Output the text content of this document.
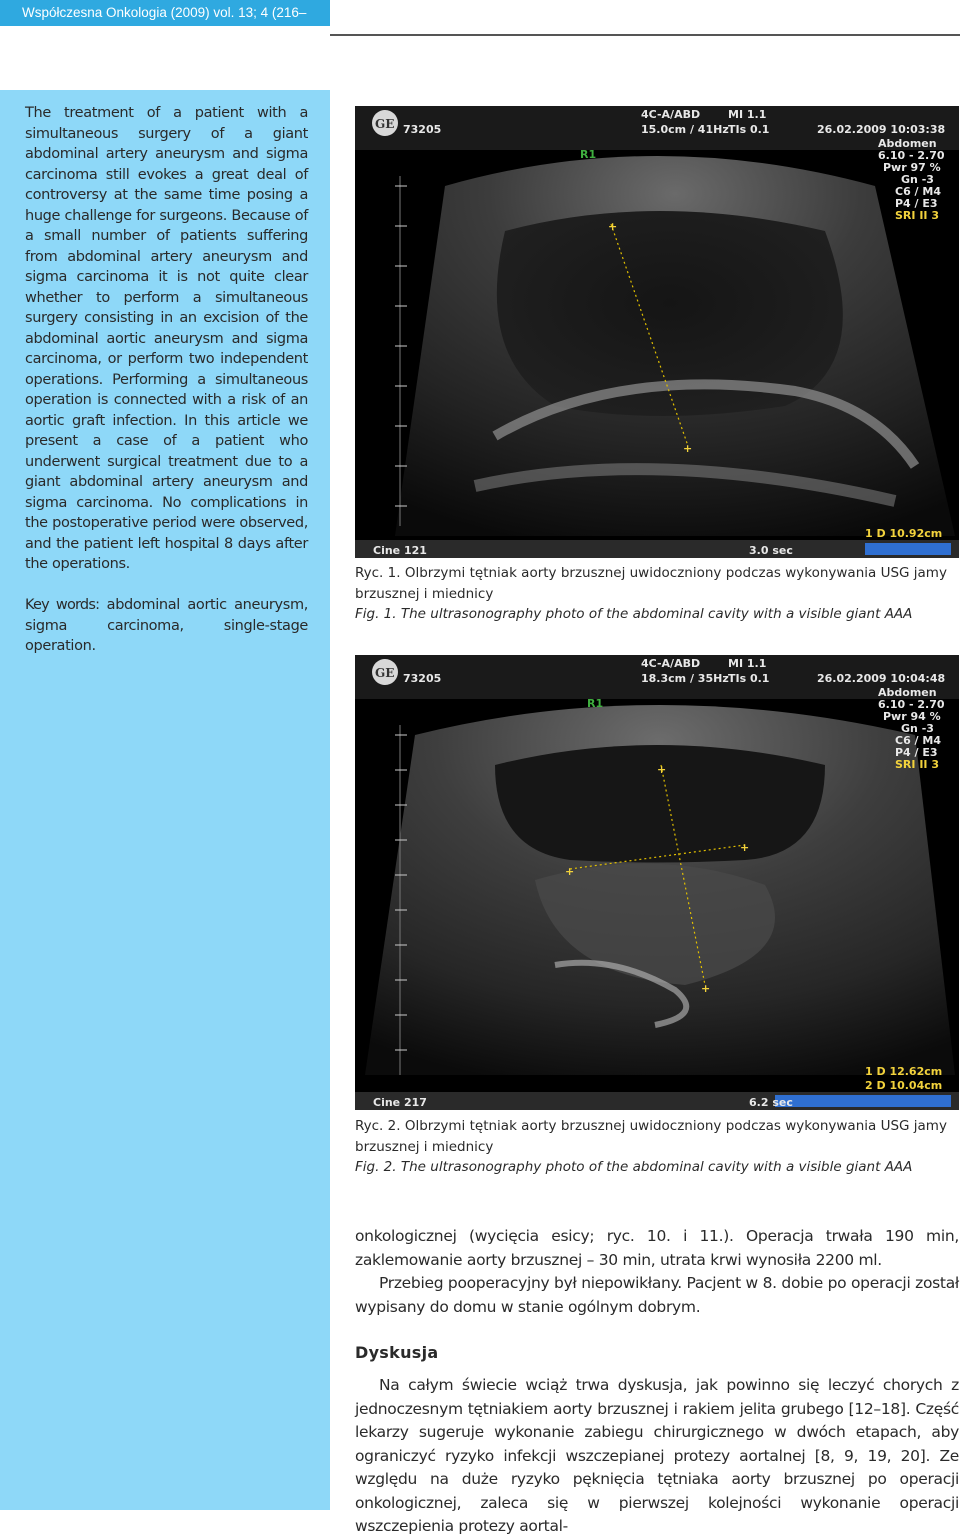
Współczesna Onkologia (2009) vol. 13; 4 (216–220)

The treatment of a patient with a simultaneous surgery of a giant abdominal artery aneurysm and sigma carcinoma still evokes a great deal of controversy at the same time posing a huge challenge for surgeons. Because of a small number of patients suffering from abdominal artery aneurysm and sigma carcinoma it is not quite clear whether to perform a simultaneous surgery consisting in an excision of the abdominal aortic aneurysm and sigma carcinoma, or perform two independent operations. Performing a simultaneous operation is connected with a risk of an aortic graft infection. In this article we present a case of a patient who underwent surgical treatment due to a giant abdominal artery aneurysm and sigma carcinoma. No complications in the postoperative period were observed, and the patient left hospital 8 days after the operations.

Key words: abdominal aortic aneurysm, sigma carcinoma, single-stage operation.

+
+
GE
4C-A/ABD	MI 1.1
73205	15.0cm / 41Hz TIs 0.1	26.02.2009 10:03:38
Abdomen
6.10 - 2.70
Pwr 97 %
Gn -3
C6 / M4
P4 / E3
SRI II 3
R1
1 D 10.92cm
Cine 121	3.0 sec

Ryc. 1. Olbrzymi tętniak aorty brzusznej uwidoczniony podczas wykonywania USG jamy brzusznej i miednicy
Fig. 1. The ultrasonography photo of the abdominal cavity with a visible giant AAA

+
+
+
+
GE
4C-A/ABD	MI 1.1
73205	18.3cm / 35Hz TIs 0.1	26.02.2009 10:04:48
Abdomen
6.10 - 2.70
Pwr 94 %
Gn -3
C6 / M4
P4 / E3
SRI II 3
R1
1 D 12.62cm
2 D 10.04cm
Cine 217	6.2 sec

Ryc. 2. Olbrzymi tętniak aorty brzusznej uwidoczniony podczas wykonywania USG jamy brzusznej i miednicy
Fig. 2. The ultrasonography photo of the abdominal cavity with a visible giant AAA

onkologicznej (wycięcia esicy; ryc. 10. i 11.). Operacja trwała 190 min, zaklemowanie aorty brzusznej – 30 min, utrata krwi wynosiła 2200 ml.

Przebieg pooperacyjny był niepowikłany. Pacjent w 8. dobie po operacji został wypisany do domu w stanie ogólnym dobrym.

Dyskusja

Na całym świecie wciąż trwa dyskusja, jak powinno się leczyć chorych z jednoczesnym tętniakiem aorty brzusznej i rakiem jelita grubego [12–18]. Część lekarzy sugeruje wykonanie zabiegu chirurgicznego w dwóch etapach, aby ograniczyć ryzyko infekcji wszczepianej protezy aortalnej [8, 9, 19, 20]. Ze względu na duże ryzyko pęknięcia tętniaka aorty brzusznej po operacji onkologicznej, zaleca się w pierwszej kolejności wykonanie operacji wszczepienia protezy aortal-
